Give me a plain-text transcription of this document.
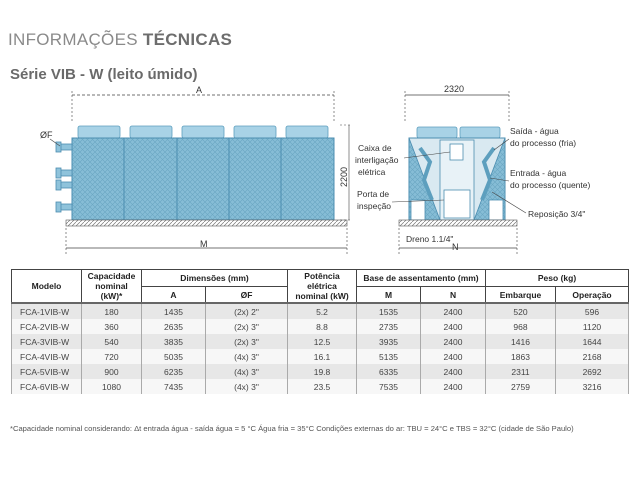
INFORMAÇÕES TÉCNICAS
Série VIB - W (leito úmido)
A
ØF
2200
M
2320
N
Caixa de
interligação
elétrica
Porta de
inspeção
Dreno 1.1/4"
Saída - água
do processo (fria)
Entrada - água
do processo (quente)
Reposição 3/4"
Modelo	Capacidade nominal (kW)*	Dimensões (mm)		Potência elétrica nominal (kW)	Base de assentamento (mm)		Peso (kg)	
		A	ØF		M	N	Embarque	Operação
FCA-1VIB-W	180	1435	(2x) 2"	5.2	1535	2400	520	596
FCA-2VIB-W	360	2635	(2x) 3"	8.8	2735	2400	968	1120
FCA-3VIB-W	540	3835	(2x) 3"	12.5	3935	2400	1416	1644
FCA-4VIB-W	720	5035	(4x) 3"	16.1	5135	2400	1863	2168
FCA-5VIB-W	900	6235	(4x) 3"	19.8	6335	2400	2311	2692
FCA-6VIB-W	1080	7435	(4x) 3"	23.5	7535	2400	2759	3216
*Capacidade nominal considerando: Δt entrada água - saída água = 5 °C Água fria = 35°C Condições externas do ar: TBU = 24°C e TBS = 32°C (cidade de São Paulo)
